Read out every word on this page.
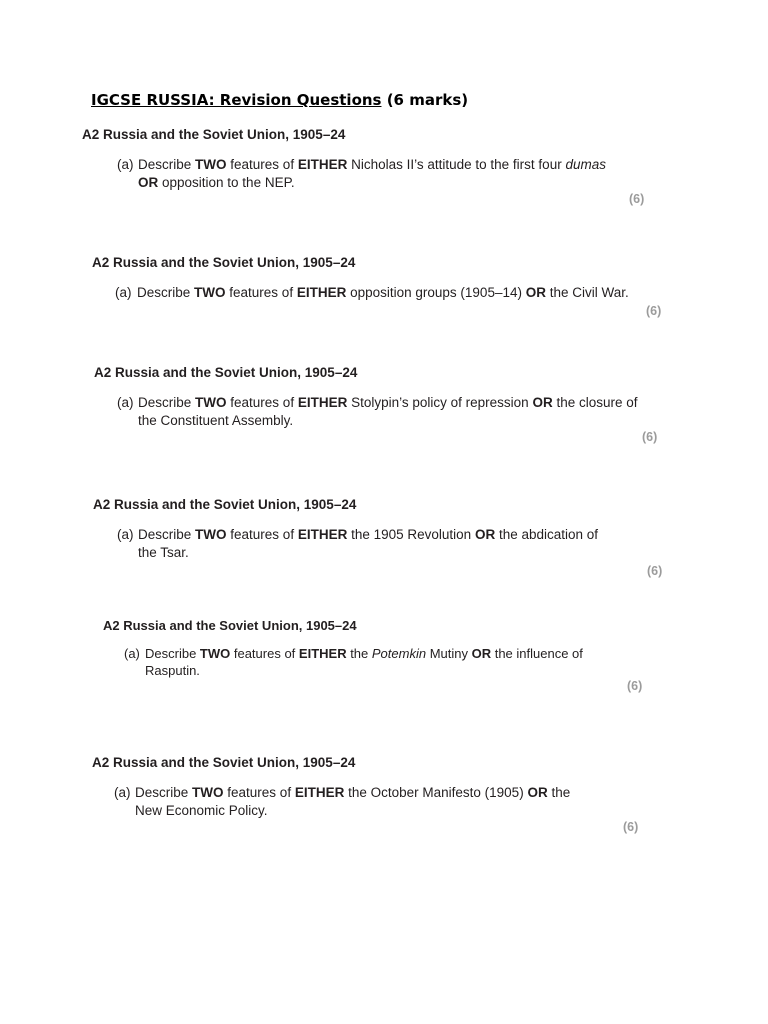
IGCSE RUSSIA: Revision Questions (6 marks)
A2 Russia and the Soviet Union, 1905–24
(a) Describe TWO features of EITHER Nicholas II’s attitude to the first four dumas OR opposition to the NEP.
(6)
A2 Russia and the Soviet Union, 1905–24
(a) Describe TWO features of EITHER opposition groups (1905–14) OR the Civil War.
(6)
A2 Russia and the Soviet Union, 1905–24
(a) Describe TWO features of EITHER Stolypin’s policy of repression OR the closure of the Constituent Assembly.
(6)
A2 Russia and the Soviet Union, 1905–24
(a) Describe TWO features of EITHER the 1905 Revolution OR the abdication of the Tsar.
(6)
A2 Russia and the Soviet Union, 1905–24
(a) Describe TWO features of EITHER the Potemkin Mutiny OR the influence of Rasputin.
(6)
A2 Russia and the Soviet Union, 1905–24
(a) Describe TWO features of EITHER the October Manifesto (1905) OR the New Economic Policy.
(6)
